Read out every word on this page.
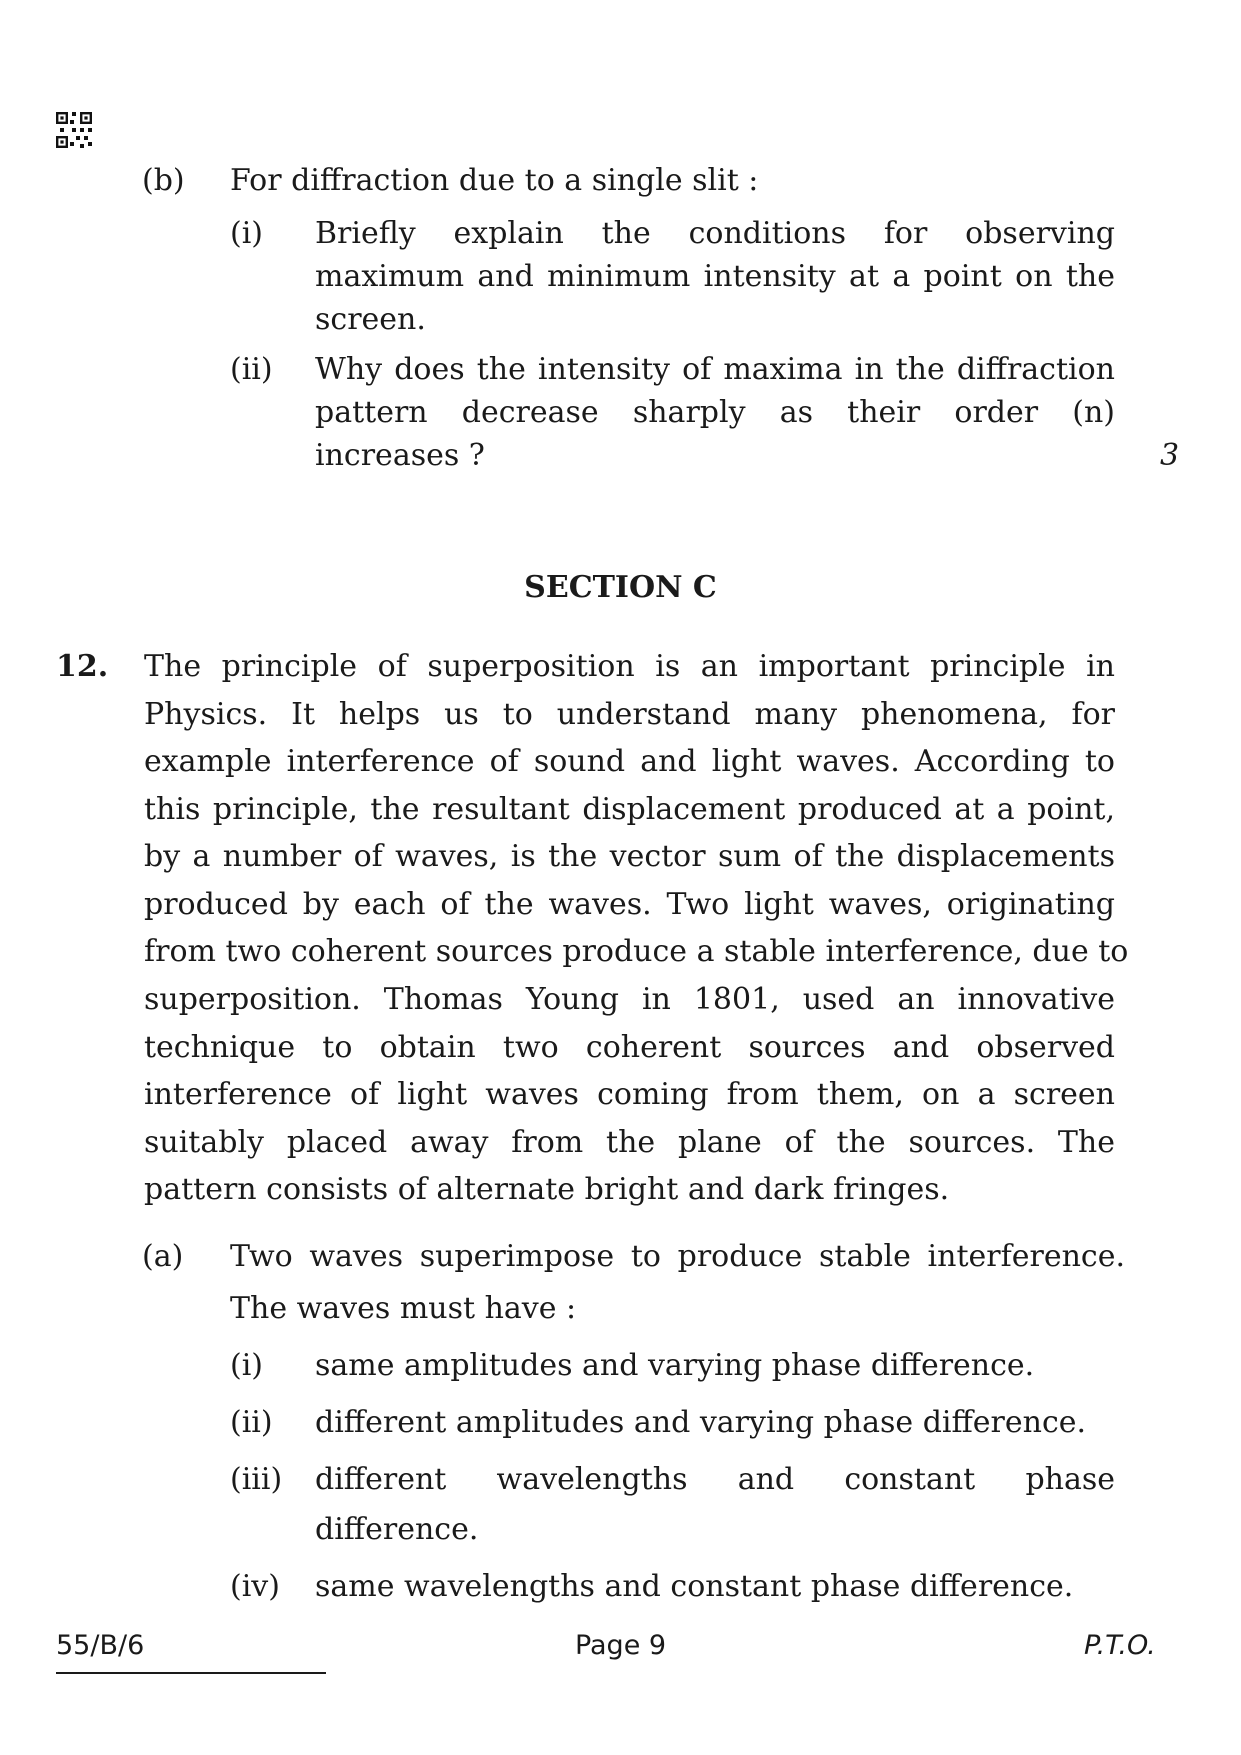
(b) For diffraction due to a single slit :
(i) Briefly explain the conditions for observing
maximum and minimum intensity at a point on the
screen.
(ii) Why does the intensity of maxima in the diffraction
pattern decrease sharply as their order (n)
increases ?	3
SECTION C
12. The principle of superposition is an important principle in
Physics. It helps us to understand many phenomena, for
example interference of sound and light waves. According to
this principle, the resultant displacement produced at a point,
by a number of waves, is the vector sum of the displacements
produced by each of the waves. Two light waves, originating
from two coherent sources produce a stable interference, due to
superposition. Thomas Young in 1801, used an innovative
technique to obtain two coherent sources and observed
interference of light waves coming from them, on a screen
suitably placed away from the plane of the sources. The
pattern consists of alternate bright and dark fringes.
(a) Two waves superimpose to produce stable interference.
The waves must have :
(i) same amplitudes and varying phase difference.
(ii) different amplitudes and varying phase difference.
(iii) different wavelengths and constant phase
difference.
(iv) same wavelengths and constant phase difference.
55/B/6	Page 9	P.T.O.
